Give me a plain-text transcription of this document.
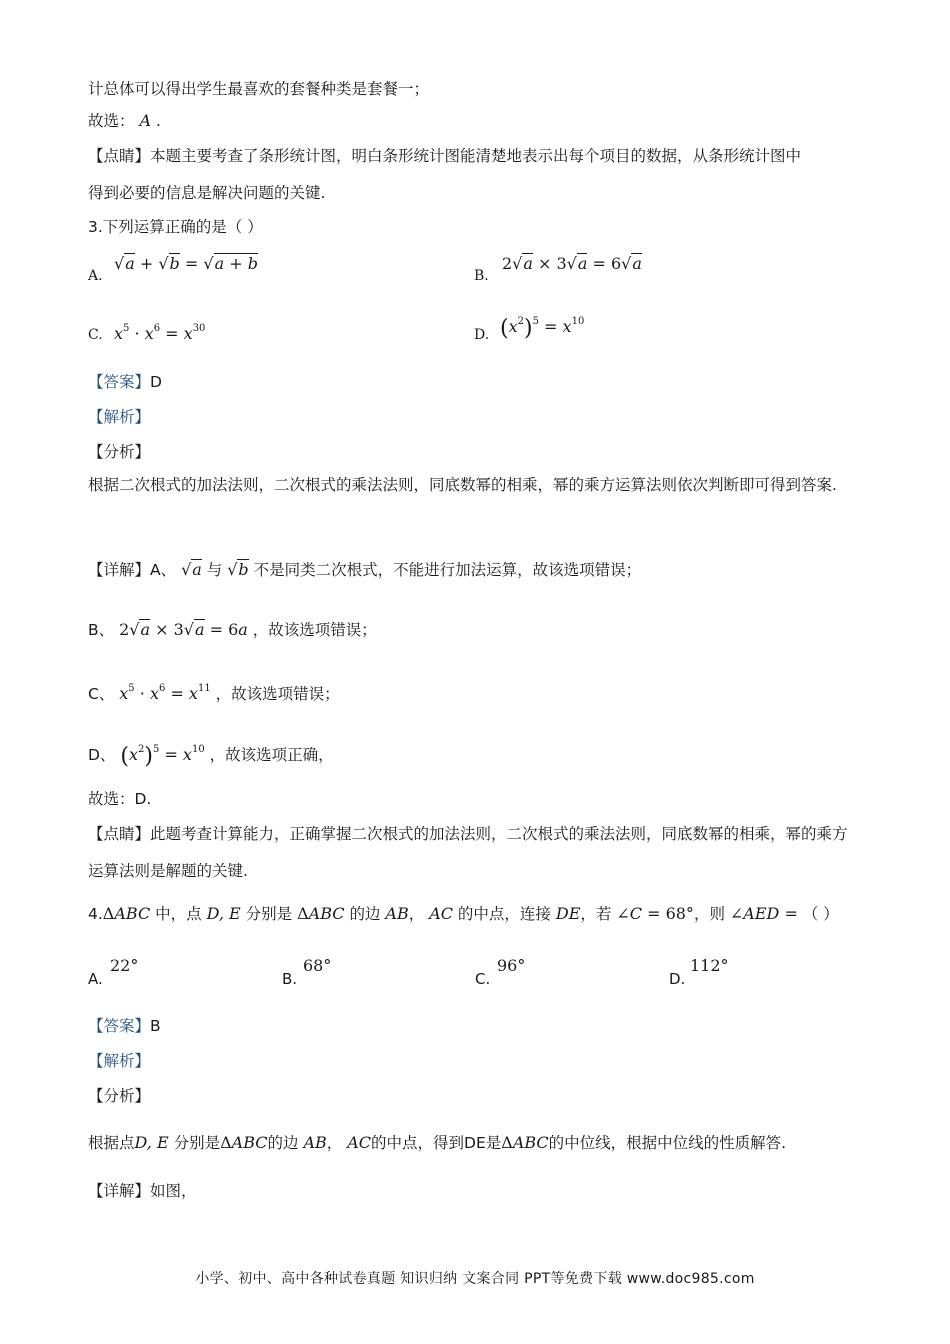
计总体可以得出学生最喜欢的套餐种类是套餐一；
故选： A .
【点睛】本题主要考查了条形统计图，明白条形统计图能清楚地表示出每个项目的数据，从条形统计图中
得到必要的信息是解决问题的关键.
3.下列运算正确的是（ ）
A.
√a + √b = √a + b
B.
2√a × 3√a = 6√a
C. $x^5 \cdot x^6 = x^{30}$	D. $(x^2)^5 = x^{10}$
【答案】D
【解析】
【分析】
根据二次根式的加法法则，二次根式的乘法法则，同底数幂的相乘，幂的乘方运算法则依次判断即可得到答案.
【详解】A、 √a 与 √b 不是同类二次根式，不能进行加法运算，故该选项错误；
B、 2√a × 3√a = 6a ，故该选项错误；
C、 $x^5 \cdot x^6 = x^{11}$ ，故该选项错误；
D、 $(x^2)^5 = x^{10}$ ，故该选项正确，
故选：D.
【点睛】此题考查计算能力，正确掌握二次根式的加法法则，二次根式的乘法法则，同底数幂的相乘，幂的乘方运算法则是解题的关键.
4.ΔABC 中，点 D, E 分别是 ΔABC 的边 AB， AC 的中点，连接 DE，若 ∠C = 68°，则 ∠AED = （ ）
A.
22°
B.
68°
C.
96°
D.
112°
【答案】B
【解析】
【分析】
根据点D, E 分别是ΔABC的边 AB， AC的中点，得到DE是ΔABC的中位线，根据中位线的性质解答.
【详解】如图，
小学、初中、高中各种试卷真题 知识归纳 文案合同 PPT等免费下载 www.doc985.com
